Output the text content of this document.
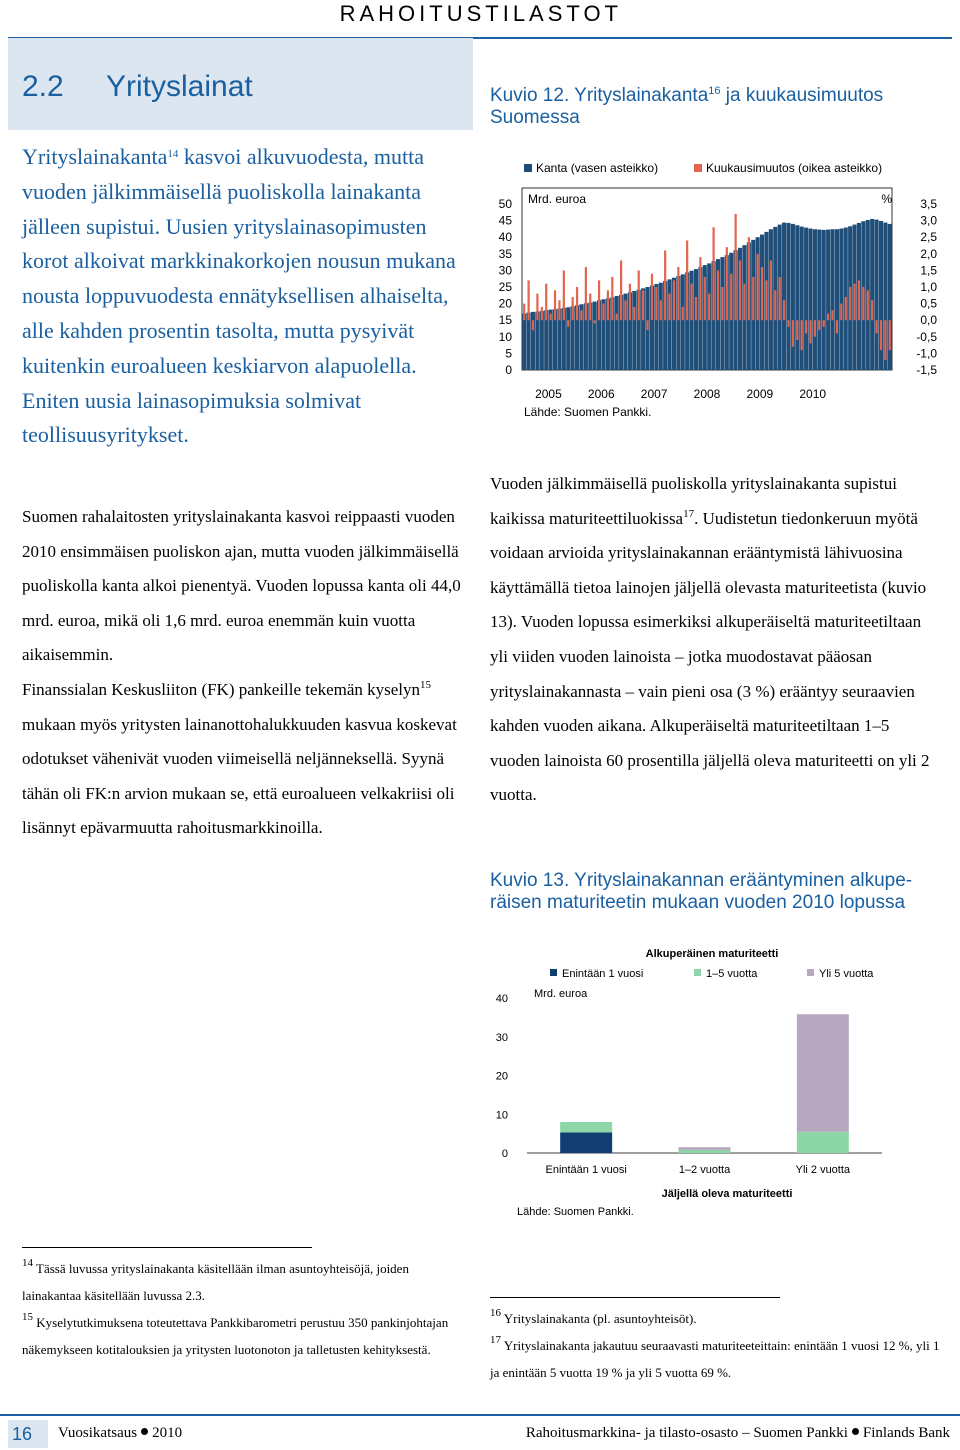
RAHOITUSTILASTOT
2.2 Yrityslainat

Yrityslainakanta$^{14}$ kasvoi alkuvuodesta, mutta vuoden jälkimmäisellä puoliskolla lainakanta jälleen supistui. Uusien yrityslainasopimusten korot alkoivat markkinakorkojen nousun mukana nousta loppuvuodesta ennätyksellisen alhaiselta, alle kahden prosentin tasolta, mutta pysyivät kuitenkin euroalueen keskiarvon alapuolella. Eniten uusia lainasopimuksia solmivat teollisuusyritykset.

Suomen rahalaitosten yrityslainakanta kasvoi reippaasti vuoden 2010 ensimmäisen puoliskon ajan, mutta vuoden jälkimmäisellä puoliskolla kanta alkoi pienentyä. Vuoden lopussa kanta oli 44,0 mrd. euroa, mikä oli 1,6 mrd. euroa enemmän kuin vuotta aikaisemmin.

Finanssialan Keskusliiton (FK) pankeille tekemän kyselyn$^{15}$ mukaan myös yritysten lainanottohalukkuuden kasvua koskevat odotukset vähenivät vuoden viimeisellä neljänneksellä. Syynä tähän oli FK:n arvion mukaan se, että euroalueen velkakriisi oli lisännyt epävarmuutta rahoitusmarkkinoilla.

Kuvio 12. Yrityslainakanta$^{16}$ ja kuukausimuutos
Suomessa
Kanta (vasen asteikko)	Kuukausimuutos (oikea asteikko)
50
45
40
35
30
25
20
15
10
5
0
3,5
3,0
2,5
2,0
1,5
1,0
0,5
0,0
-0,5
-1,0
-1,5
Mrd. euroa	%
2005 2006 2007 2008 2009 2010
Lähde: Suomen Pankki.

Vuoden jälkimmäisellä puoliskolla yrityslainakanta supistui kaikissa maturiteettiluokissa$^{17}$. Uudistetun tiedonkeruun myötä voidaan arvioida yrityslainakannan erääntymistä lähivuosina käyttämällä tietoa lainojen jäljellä olevasta maturiteetista (kuvio 13). Vuoden lopussa esimerkiksi alkuperäiseltä maturiteetiltaan yli viiden vuoden lainoista – jotka muodostavat pääosan yrityslainakannasta – vain pieni osa (3 %) erääntyy seuraavien kahden vuoden aikana. Alkuperäiseltä maturiteetiltaan 1–5 vuoden lainoista 60 prosentilla jäljellä oleva maturiteetti on yli 2 vuotta.

Kuvio 13. Yrityslainakannan erääntyminen alkupe-
räisen maturiteetin mukaan vuoden 2010 lopussa
Enintään 1 vuosi	1–5 vuotta	Yli 5 vuotta
Alkuperäinen maturiteetti
Mrd. euroa
40
30
20
10
0
Enintään 1 vuosi	1–2 vuotta	Yli 2 vuotta
Jäljellä oleva maturiteetti
Lähde: Suomen Pankki.

$^{14}$ Tässä luvussa yrityslainakanta käsitellään ilman asuntoyhteisöjä, joiden lainakantaa käsitellään luvussa 2.3.

$^{15}$ Kyselytutkimuksena toteutettava Pankkibarometri perustuu 350 pankinjohtajan näkemykseen kotitalouksien ja yritysten luotonoton ja talletusten kehityksestä.

$^{16}$ Yrityslainakanta (pl. asuntoyhteisöt).

$^{17}$ Yrityslainakanta jakautuu seuraavasti maturiteeteittain: enintään 1 vuosi 12 %, yli 1 ja enintään 5 vuotta 19 % ja yli 5 vuotta 69 %.

16 Vuosikatsaus 2010	Rahoitusmarkkina- ja tilasto-osasto – Suomen Pankki Finlands Bank
